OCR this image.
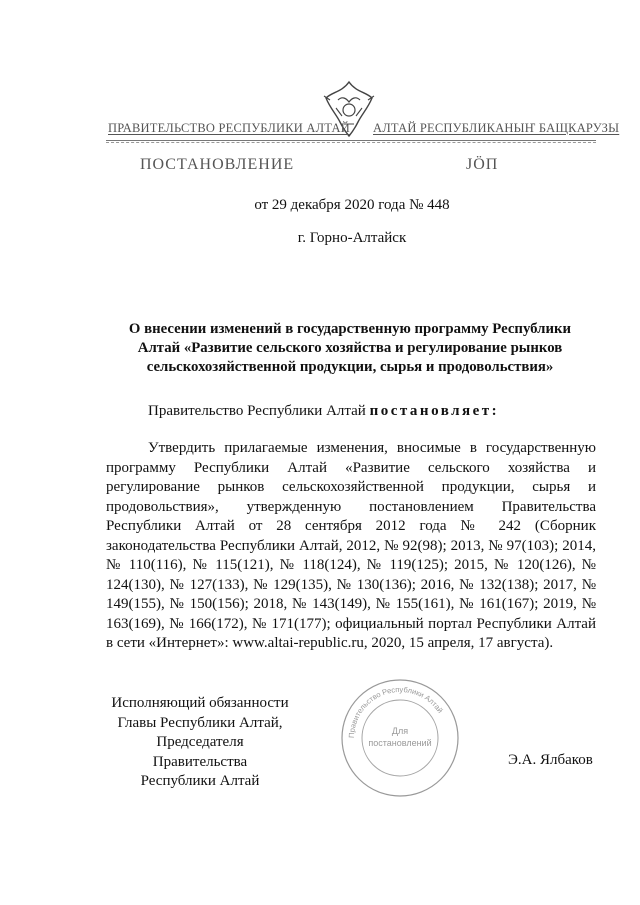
ПРАВИТЕЛЬСТВО РЕСПУБЛИКИ АЛТАЙ АЛТАЙ РЕСПУБЛИКАНЫҤ БАЩКАРУЗЫ
ПОСТАНОВЛЕНИЕ	ЈӦП
от 29 декабря 2020 года № 448
г. Горно-Алтайск
О внесении изменений в государственную программу Республики Алтай «Развитие сельского хозяйства и регулирование рынков сельскохозяйственной продукции, сырья и продовольствия»
Правительство Республики Алтай постановляет:
Утвердить прилагаемые изменения, вносимые в государственную программу Республики Алтай «Развитие сельского хозяйства и регулирование рынков сельскохозяйственной продукции, сырья и продовольствия», утвержденную постановлением Правительства Республики Алтай от 28 сентября 2012 года № 242 (Сборник законодательства Республики Алтай, 2012, № 92(98); 2013, № 97(103); 2014, № 110(116), № 115(121), № 118(124), № 119(125); 2015, № 120(126), № 124(130), № 127(133), № 129(135), № 130(136); 2016, № 132(138); 2017, № 149(155), № 150(156); 2018, № 143(149), № 155(161), № 161(167); 2019, № 163(169), № 166(172), № 171(177); официальный портал Республики Алтай в сети «Интернет»: www.altai-republic.ru, 2020, 15 апреля, 17 августа).
Исполняющий обязанности
Главы Республики Алтай,
Председателя Правительства
Республики Алтай
Правительство Республики Алтай
Для
постановлений
Э.А. Ялбаков
